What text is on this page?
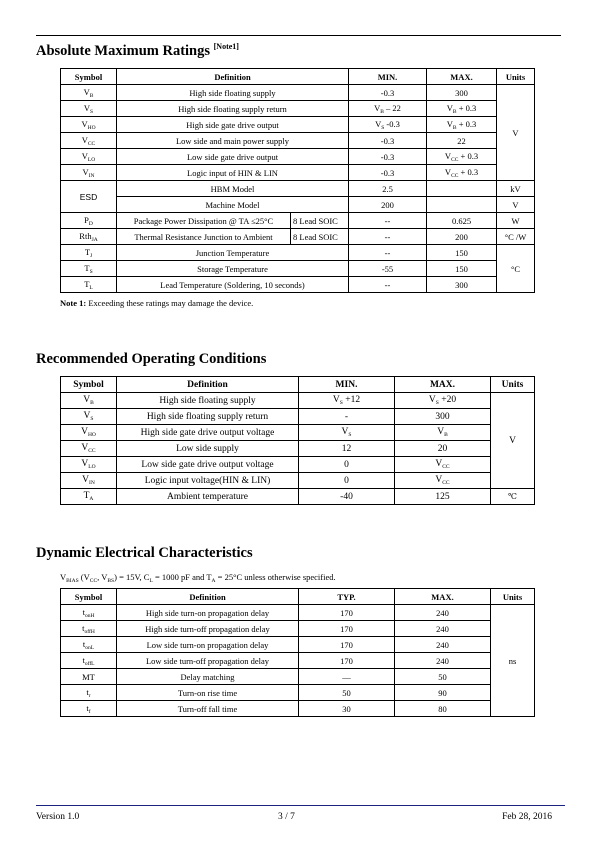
Absolute Maximum Ratings [Note1]
Symbol	Definition		MIN.	MAX.	Units
$V_B$	High side floating supply		-0.3	300	V
$V_S$	High side floating supply return		$V_B - 22$	$V_B + 0.3$	
$V_{HO}$	High side gate drive output		$V_S$ -0.3	$V_B + 0.3$	
$V_{CC}$	Low side and main power supply		-0.3	22	
$V_{LO}$	Low side gate drive output		-0.3	$V_{CC} + 0.3$	
$V_{IN}$	Logic input of HIN & LIN		-0.3	$V_{CC} + 0.3$	
ESD	HBM Model		2.5		kV
	Machine Model		200		V
$P_D$	Package Power Dissipation @ TA ≤25°C	8 Lead SOIC	--	0.625	W
Rth$_{JA}$	Thermal Resistance Junction to Ambient	8 Lead SOIC	--	200	°C /W
$T_J$	Junction Temperature		--	150	°C
$T_S$	Storage Temperature		-55	150	
$T_L$	Lead Temperature (Soldering, 10 seconds)		--	300	
Note 1: Exceeding these ratings may damage the device.
Recommended Operating Conditions
Symbol	Definition	MIN.	MAX.	Units
$V_B$	High side floating supply	$V_S +12$	$V_S +20$	V
$V_S$	High side floating supply return	-	300	
$V_{HO}$	High side gate drive output voltage	$V_S$	$V_B$
$V_{CC}$	Low side supply	12	20	
$V_{LO}$	Low side gate drive output voltage	0	$V_{CC}$
$V_{IN}$	Logic input voltage(HIN & LIN)	0	$V_{CC}$
$T_A$	Ambient temperature	-40	125	℃
Dynamic Electrical Characteristics
$V_{BIAS}$ ($V_{CC}$, $V_{BS}) = 15V$, $C_L = 1000$ pF and $T_A = 25^\circ C$ unless otherwise specified.
Symbol	Definition	TYP.	MAX.	Units
$t_{onH}$	High side turn-on propagation delay	170	240	ns
$t_{offH}$	High side turn-off propagation delay	170	240	
$t_{onL}$	Low side turn-on propagation delay	170	240	
$t_{offL}$	Low side turn-off propagation delay	170	240	
MT	Delay matching	—	50	
$t_r$	Turn-on rise time	50	90	
$t_f$	Turn-off fall time	30	80	
Version 1.0	3 / 7	Feb 28, 2016
